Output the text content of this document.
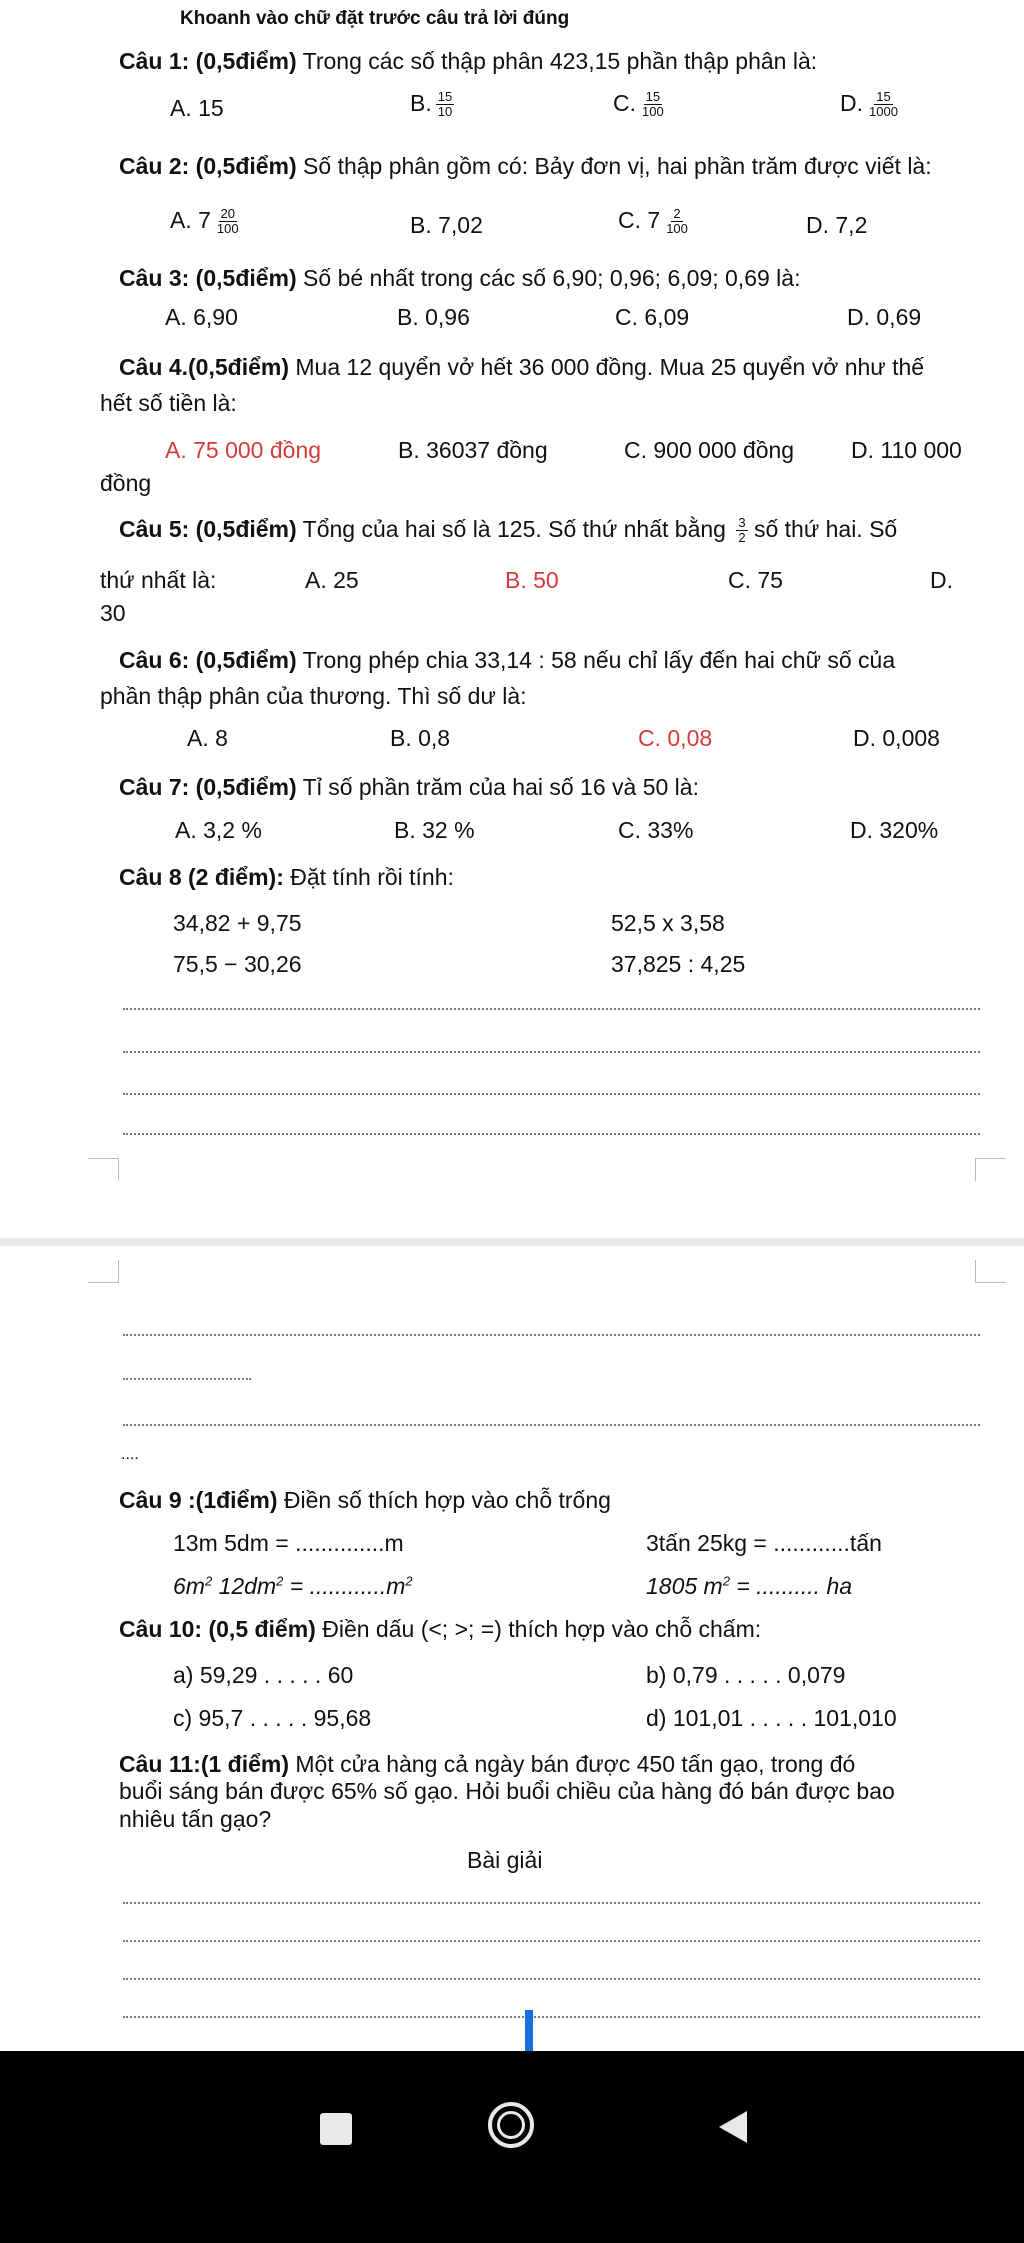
Khoanh vào chữ đặt trước câu trả lời đúng
Câu 1: (0,5điểm) Trong các số thập phân 423,15 phần thập phân là:
A. 15	B. $\frac{15}{10}$	C. $\frac{15}{100}$	D. $\frac{15}{1000}$
Câu 2: (0,5điểm) Số thập phân gồm có: Bảy đơn vị, hai phần trăm được viết là:
A. $7 \frac{20}{100}$	B. 7,02	C. $7 \frac{2}{100}$	D. 7,2
Câu 3: (0,5điểm) Số bé nhất trong các số 6,90; 0,96; 6,09; 0,69 là:
A. 6,90	B. 0,96	C. 6,09	D. 0,69
Câu 4.(0,5điểm) Mua 12 quyển vở hết 36 000 đồng. Mua 25 quyển vở như thế
hết số tiền là:
A. 75 000 đồng	B. 36037 đồng	C. 900 000 đồng D. 110 000
đồng
Câu 5: (0,5điểm) Tổng của hai số là 125. Số thứ nhất bằng $\frac{3}{2}$ số thứ hai. Số
thứ nhất là:	A. 25	B. 50	C. 75	D.
30
Câu 6: (0,5điểm) Trong phép chia 33,14 : 58 nếu chỉ lấy đến hai chữ số của
phần thập phân của thương. Thì số dư là:
A. 8	B. 0,8	C. 0,08	D. 0,008
Câu 7: (0,5điểm) Tỉ số phần trăm của hai số 16 và 50 là:
A. 3,2 %	B. 32 %	C. 33%	D. 320%
Câu 8 (2 điểm): Đặt tính rồi tính:
34,82 + 9,75	52,5 x 3,58
75,5 − 30,26	37,825 : 4,25
....
Câu 9 :(1điểm) Điền số thích hợp vào chỗ trống
13m 5dm = ..............m	3tấn 25kg = ............tấn
$6m^2$ $12dm^2 = ............m^2$	1805 $m^2$ = .......... ha
Câu 10: (0,5 điểm) Điền dấu (<; >; =) thích hợp vào chỗ chấm:
a) 59,29 . . . . . 60	b) 0,79 . . . . . 0,079
c) 95,7 . . . . . 95,68	d) 101,01 . . . . . 101,010
Câu 11:(1 điểm) Một cửa hàng cả ngày bán được 450 tấn gạo, trong đó
buổi sáng bán được 65% số gạo. Hỏi buổi chiều của hàng đó bán được bao
nhiêu tấn gạo?
Bài giải
